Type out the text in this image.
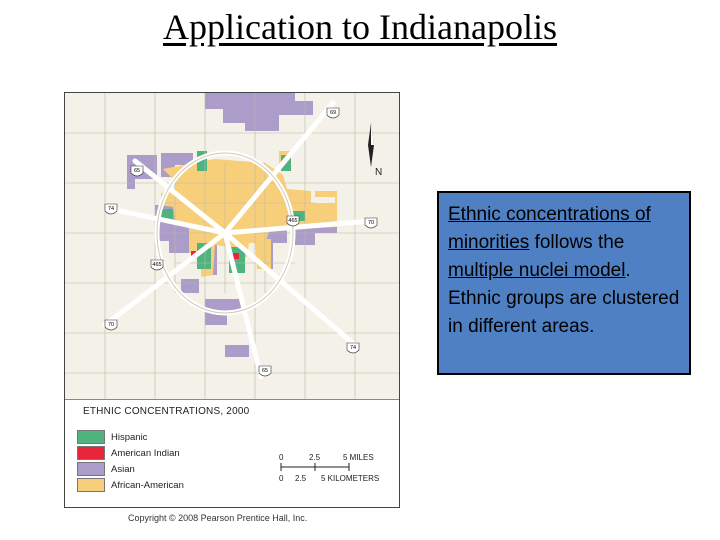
Application to Indianapolis
69
65
74
465	70
465
70
74
65
N
ETHNIC CONCENTRATIONS, 2000
Hispanic
American Indian
Asian
African-American
0	2.5	5 MILES
0 2.5 5 KILOMETERS
Copyright © 2008 Pearson Prentice Hall, Inc.
Ethnic concentrations of minorities follows the multiple nuclei model. Ethnic groups are clustered in different areas.
